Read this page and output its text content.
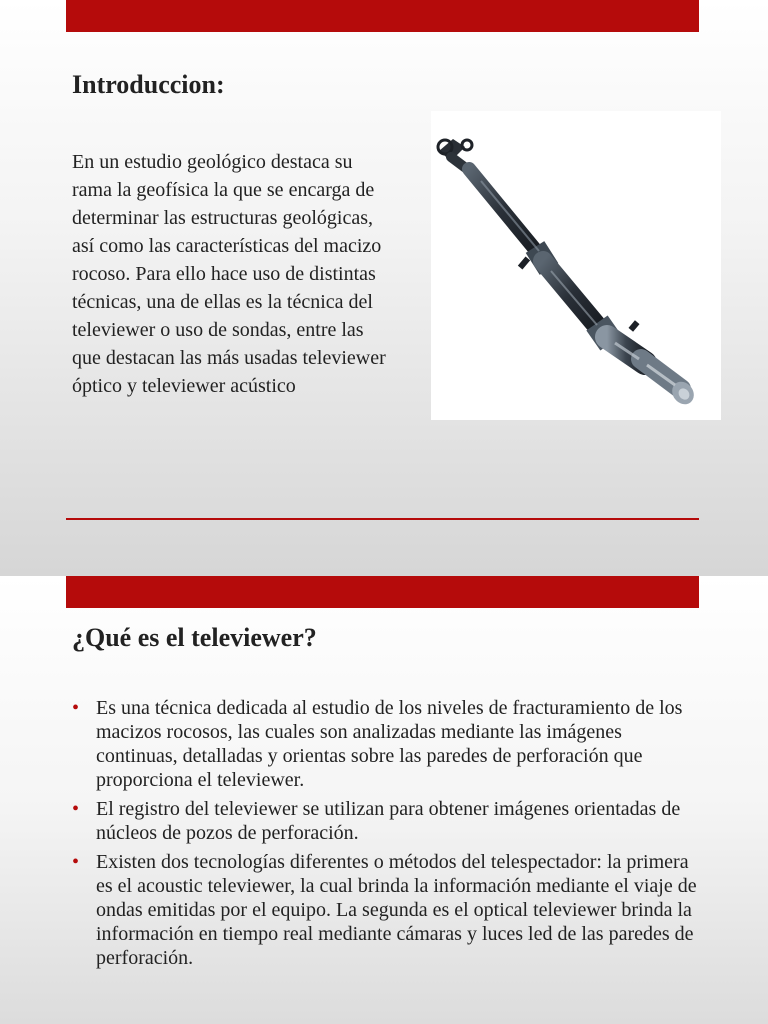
Introduccion:

En un estudio geológico destaca su rama la geofísica la que se encarga de determinar las estructuras geológicas, así como las características del macizo rocoso. Para ello hace uso de distintas técnicas, una de ellas es la técnica del televiewer o uso de sondas, entre las que destacan las más usadas televiewer óptico y televiewer acústico

¿Qué es el televiewer?
• Es una técnica dedicada al estudio de los niveles de fracturamiento de los macizos rocosos, las cuales son analizadas mediante las imágenes continuas, detalladas y orientas sobre las paredes de perforación que proporciona el televiewer.
• El registro del televiewer se utilizan para obtener imágenes orientadas de núcleos de pozos de perforación.
• Existen dos tecnologías diferentes o métodos del telespectador: la primera es el acoustic televiewer, la cual brinda la información mediante el viaje de ondas emitidas por el equipo. La segunda es el optical televiewer brinda la información en tiempo real mediante cámaras y luces led de las paredes de perforación.
